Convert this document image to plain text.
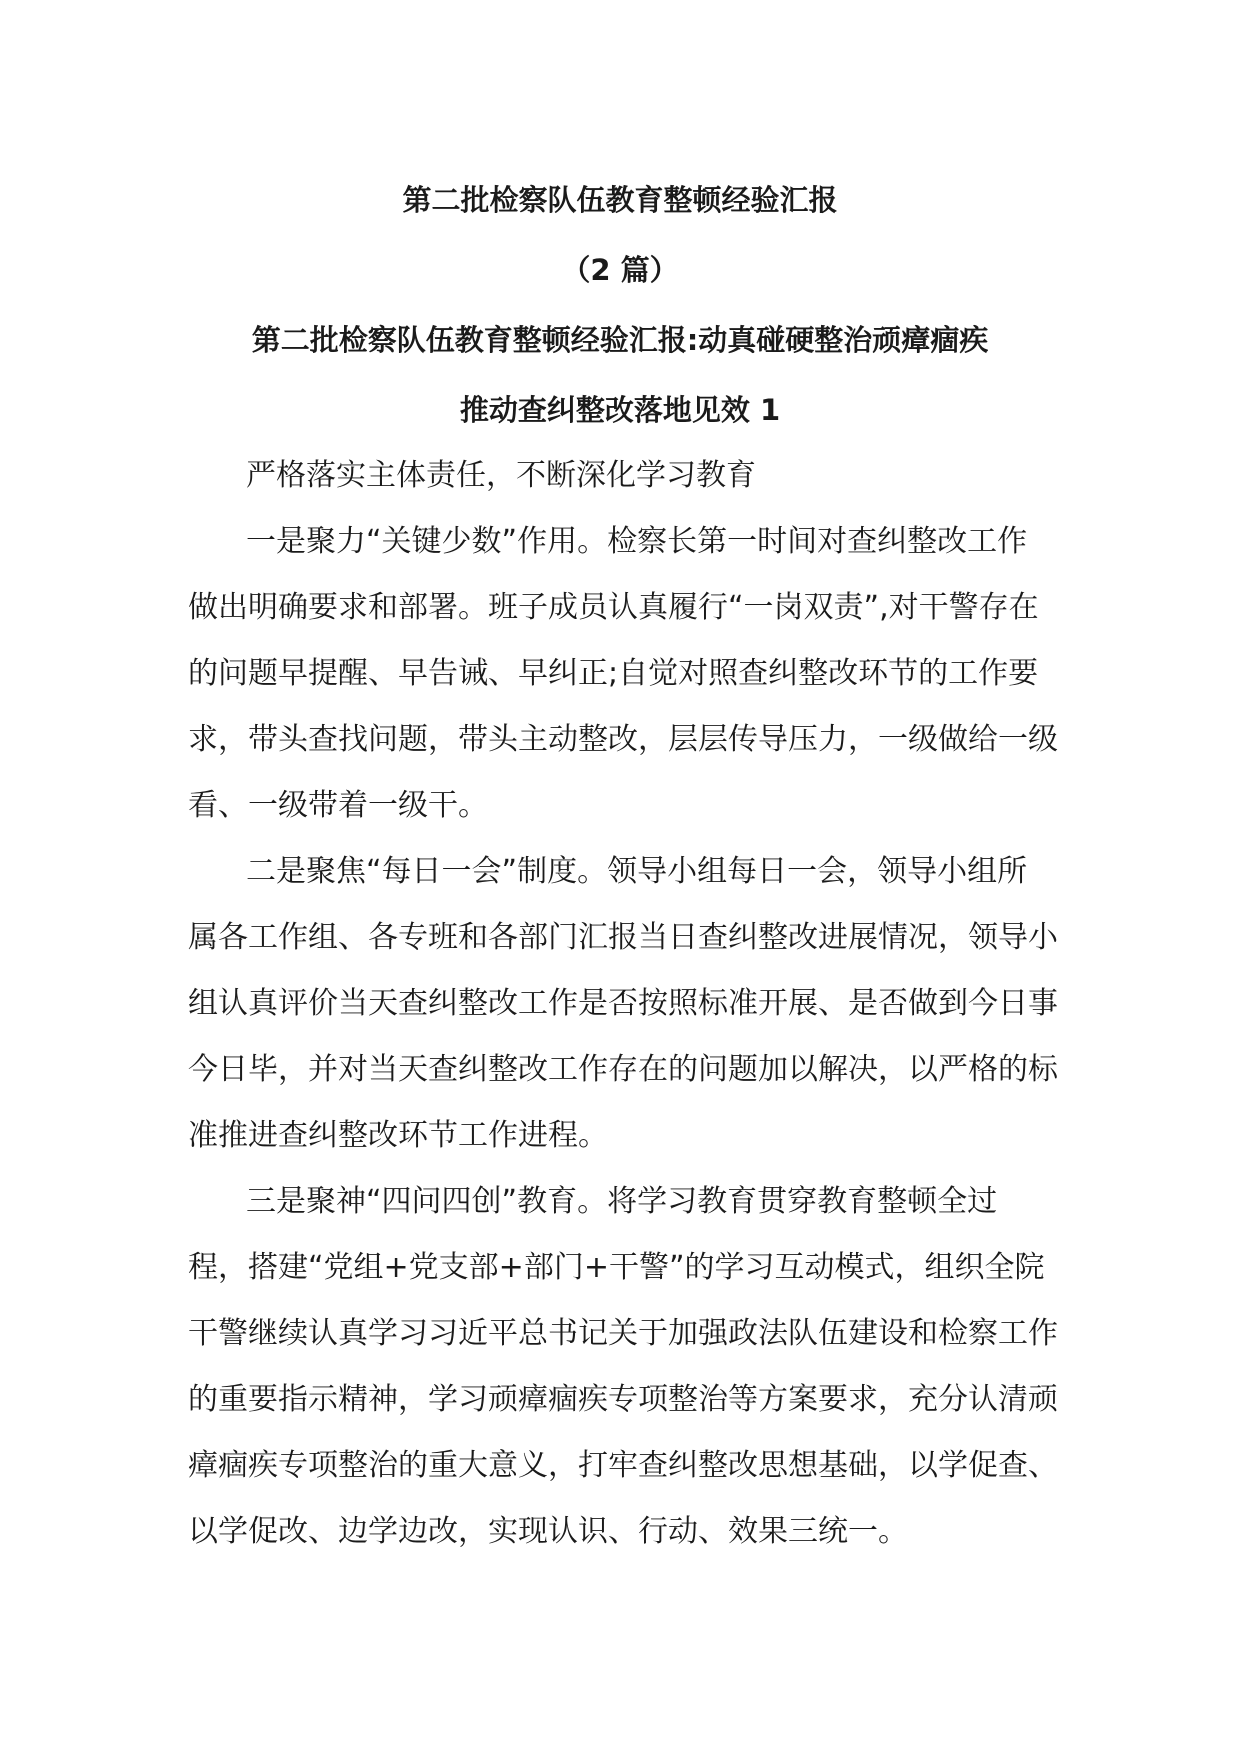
第二批检察队伍教育整顿经验汇报
（2 篇）
第二批检察队伍教育整顿经验汇报:动真碰硬整治顽瘴痼疾
推动查纠整改落地见效 1
严格落实主体责任，不断深化学习教育
一是聚力“关键少数”作用。检察长第一时间对查纠整改工作
做出明确要求和部署。班子成员认真履行“一岗双责”,对干警存在
的问题早提醒、早告诫、早纠正;自觉对照查纠整改环节的工作要
求，带头查找问题，带头主动整改，层层传导压力，一级做给一级
看、一级带着一级干。
二是聚焦“每日一会”制度。领导小组每日一会，领导小组所
属各工作组、各专班和各部门汇报当日查纠整改进展情况，领导小
组认真评价当天查纠整改工作是否按照标准开展、是否做到今日事
今日毕，并对当天查纠整改工作存在的问题加以解决，以严格的标
准推进查纠整改环节工作进程。
三是聚神“四问四创”教育。将学习教育贯穿教育整顿全过
程，搭建“党组+党支部+部门+干警”的学习互动模式，组织全院
干警继续认真学习习近平总书记关于加强政法队伍建设和检察工作
的重要指示精神，学习顽瘴痼疾专项整治等方案要求，充分认清顽
瘴痼疾专项整治的重大意义，打牢查纠整改思想基础，以学促查、
以学促改、边学边改，实现认识、行动、效果三统一。
